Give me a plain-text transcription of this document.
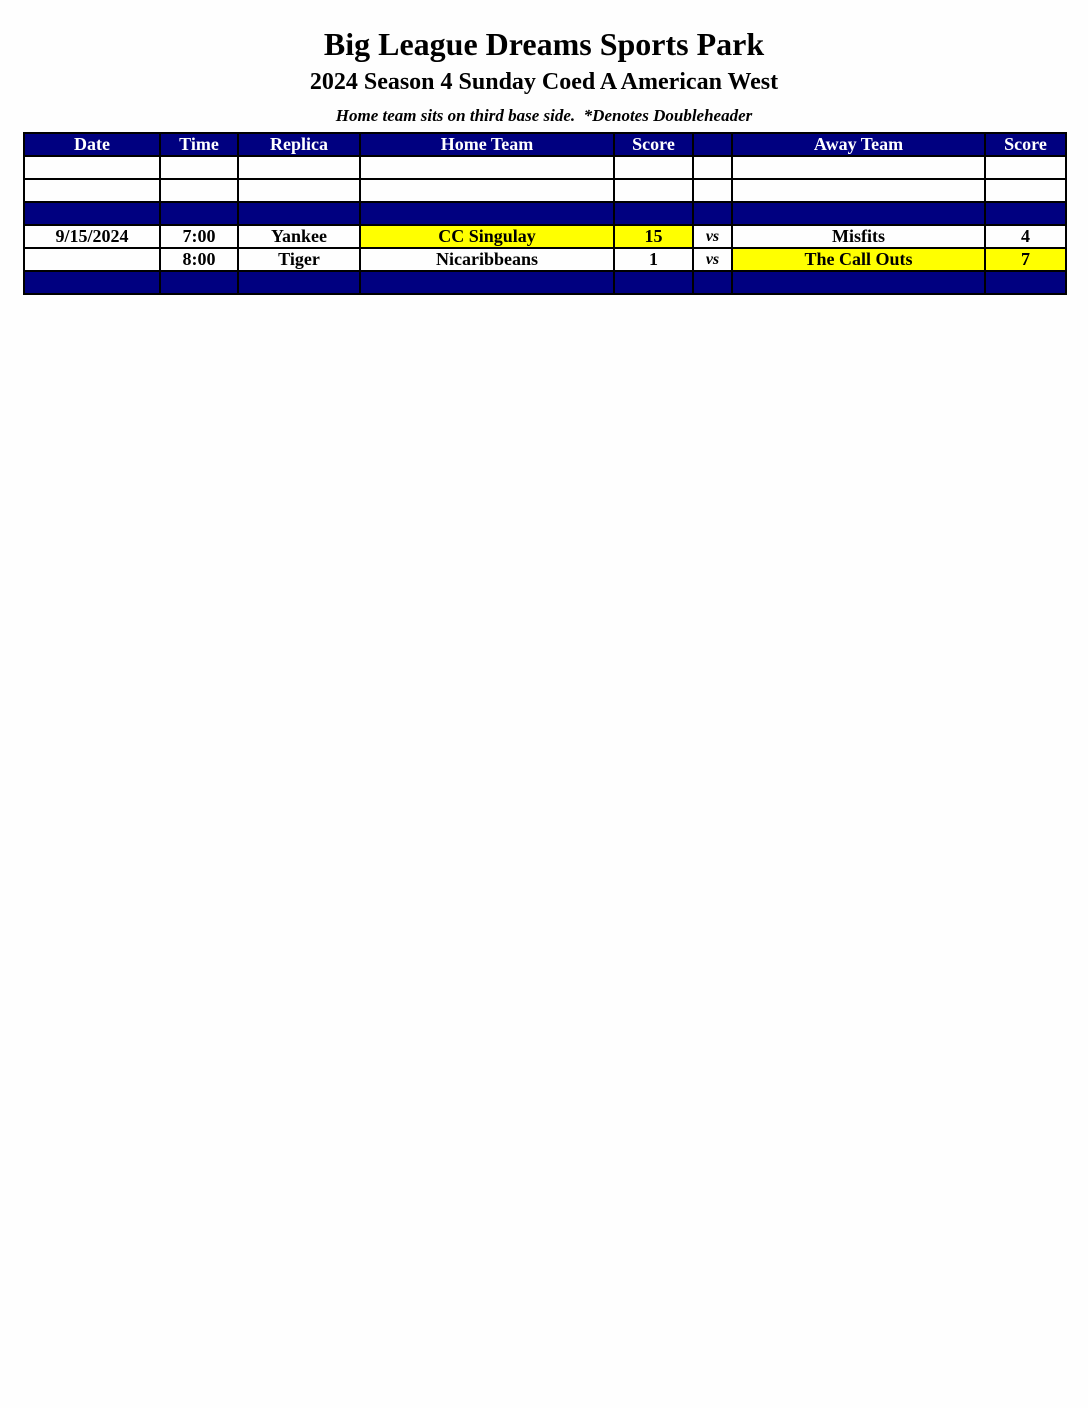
Big League Dreams Sports Park
2024 Season 4 Sunday Coed A American West
Home team sits on third base side.  *Denotes Doubleheader
Date	Time	Replica	Home Team	Score		Away Team	Score

9/15/2024	7:00	Yankee	CC Singulay	15	vs	Misfits	4
	8:00	Tiger	Nicaribbeans	1	vs	The Call Outs	7
